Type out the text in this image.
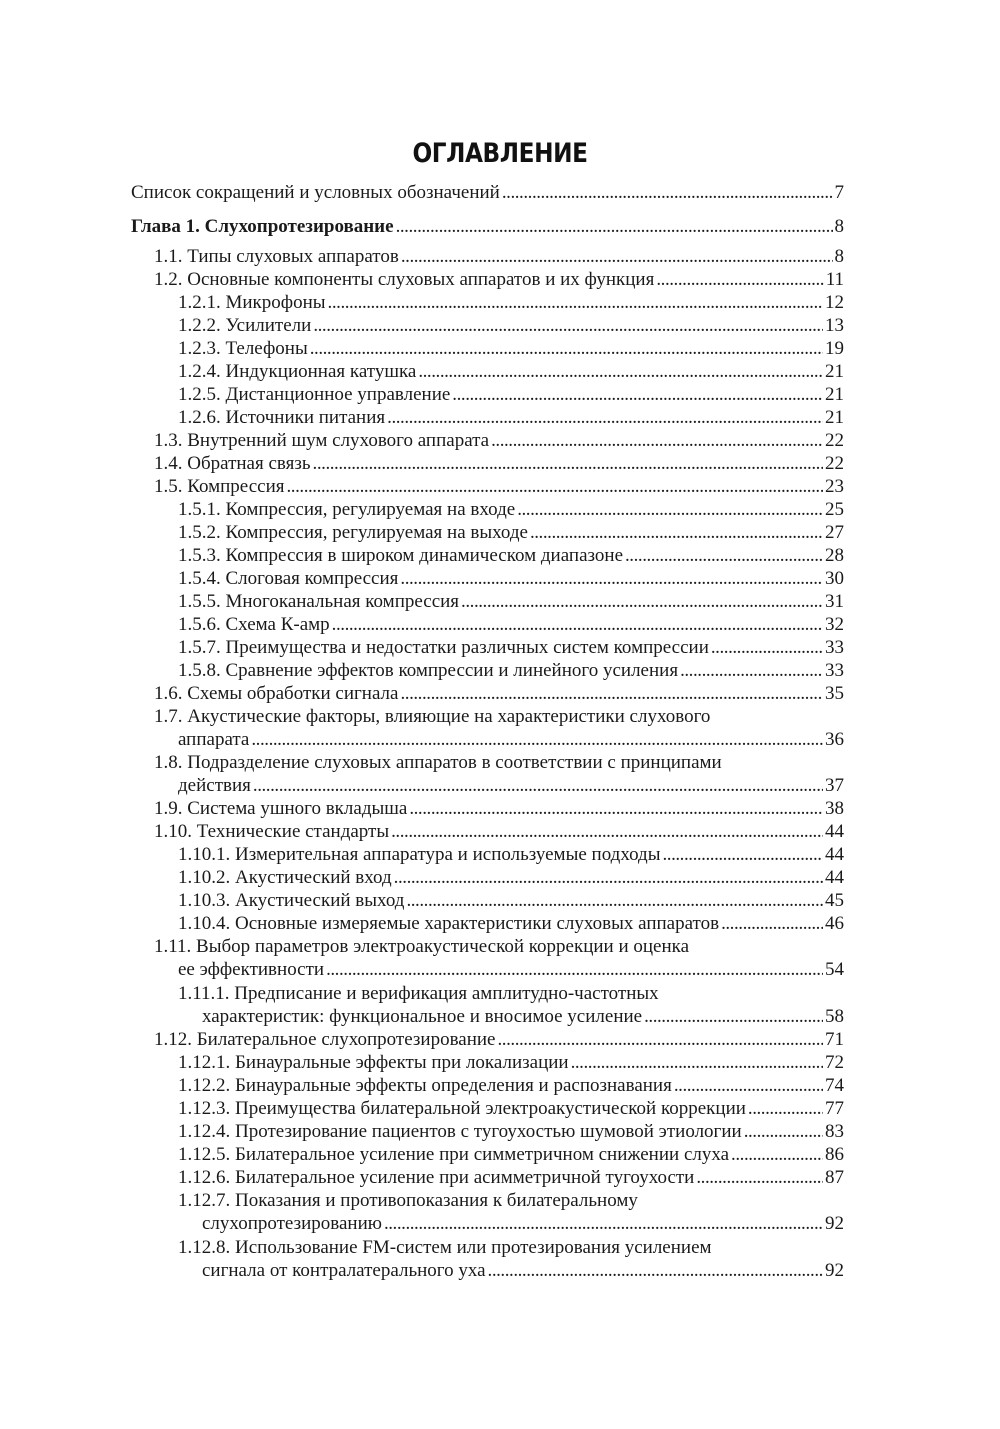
ОГЛАВЛЕНИЕ
Список сокращений и условных обозначений . . .	7
Глава 1. Слухопротезирование . . .	8
1.1. Типы слуховых аппаратов . . .	8
1.2. Основные компоненты слуховых аппаратов и их функция . . .	11
1.2.1. Микрофоны . . .	12
1.2.2. Усилители . . .	13
1.2.3. Телефоны . . .	19
1.2.4. Индукционная катушка . . .	21
1.2.5. Дистанционное управление . . .	21
1.2.6. Источники питания . . .	21
1.3. Внутренний шум слухового аппарата . . .	22
1.4. Обратная связь . . .	22
1.5. Компрессия . . .	23
1.5.1. Компрессия, регулируемая на входе . . .	25
1.5.2. Компрессия, регулируемая на выходе . . .	27
1.5.3. Компрессия в широком динамическом диапазоне . . .	28
1.5.4. Слоговая компрессия . . .	30
1.5.5. Многоканальная компрессия . . .	31
1.5.6. Схема К-амр . . .	32
1.5.7. Преимущества и недостатки различных систем компрессии . . .	33
1.5.8. Сравнение эффектов компрессии и линейного усиления . . .	33
1.6. Схемы обработки сигнала . . .	35
1.7. Акустические факторы, влияющие на характеристики слухового
аппарата . . .	36
1.8. Подразделение слуховых аппаратов в соответствии с принципами
действия . . .	37
1.9. Система ушного вкладыша . . .	38
1.10. Технические стандарты . . .	44
1.10.1. Измерительная аппаратура и используемые подходы . . .	44
1.10.2. Акустический вход . . .	44
1.10.3. Акустический выход . . .	45
1.10.4. Основные измеряемые характеристики слуховых аппаратов . . .	46
1.11. Выбор параметров электроакустической коррекции и оценка
ее эффективности . . .	54
1.11.1. Предписание и верификация амплитудно-частотных
характеристик: функциональное и вносимое усиление . . .	58
1.12. Билатеральное слухопротезирование . . .	71
1.12.1. Бинауральные эффекты при локализации . . .	72
1.12.2. Бинауральные эффекты определения и распознавания . . .	74
1.12.3. Преимущества билатеральной электроакустической коррекции . . .	77
1.12.4. Протезирование пациентов с тугоухостью шумовой этиологии . . .	83
1.12.5. Билатеральное усиление при симметричном снижении слуха . . .	86
1.12.6. Билатеральное усиление при асимметричной тугоухости . . .	87
1.12.7. Показания и противопоказания к билатеральному
слухопротезированию . . .	92
1.12.8. Использование FM-систем или протезирования усилением
сигнала от контралатерального уха . . .	92
